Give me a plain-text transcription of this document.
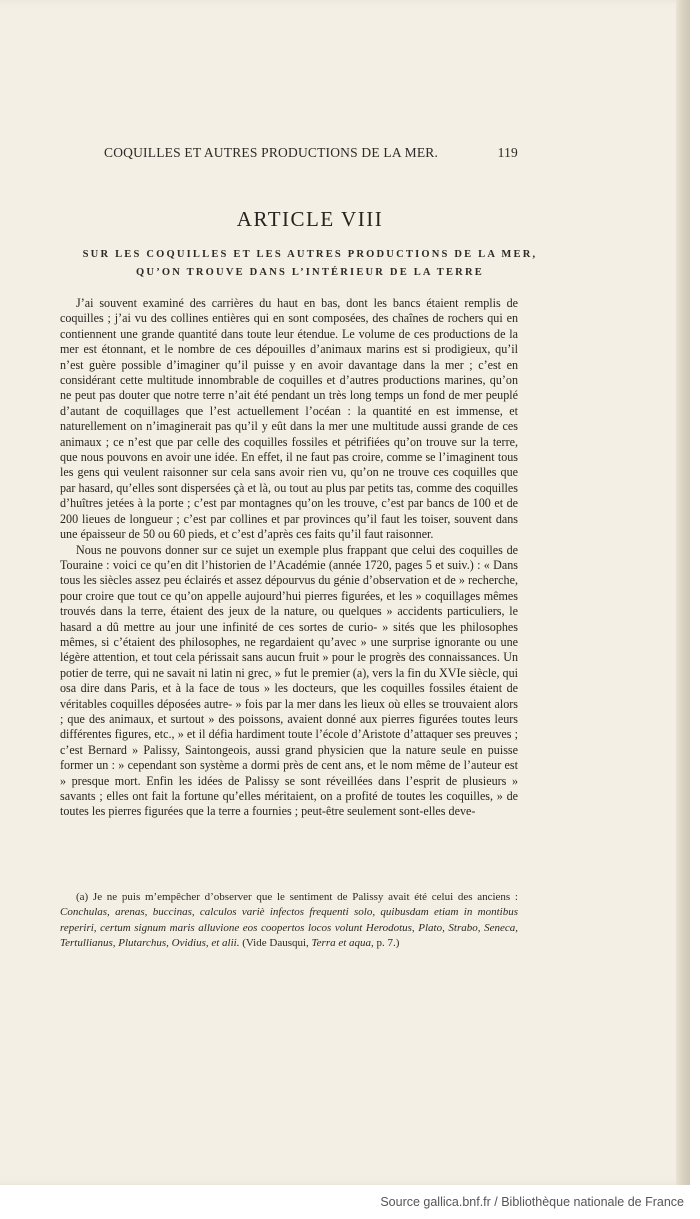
COQUILLES ET AUTRES PRODUCTIONS DE LA MER.	119
ARTICLE VIII
SUR LES COQUILLES ET LES AUTRES PRODUCTIONS DE LA MER,
QU’ON TROUVE DANS L’INTÉRIEUR DE LA TERRE

J’ai souvent examiné des carrières du haut en bas, dont les bancs étaient remplis de coquilles ; j’ai vu des collines entières qui en sont composées, des chaînes de rochers qui en contiennent une grande quantité dans toute leur étendue. Le volume de ces productions de la mer est étonnant, et le nombre de ces dépouilles d’animaux marins est si prodigieux, qu’il n’est guère possible d’imaginer qu’il puisse y en avoir davantage dans la mer ; c’est en considérant cette multitude innombrable de coquilles et d’autres productions marines, qu’on ne peut pas douter que notre terre n’ait été pendant un très long temps un fond de mer peuplé d’autant de coquillages que l’est actuellement l’océan : la quantité en est immense, et naturellement on n’imaginerait pas qu’il y eût dans la mer une multitude aussi grande de ces animaux ; ce n’est que par celle des coquilles fossiles et pétrifiées qu’on trouve sur la terre, que nous pouvons en avoir une idée. En effet, il ne faut pas croire, comme se l’imaginent tous les gens qui veulent raisonner sur cela sans avoir rien vu, qu’on ne trouve ces coquilles que par hasard, qu’elles sont dispersées çà et là, ou tout au plus par petits tas, comme des coquilles d’huîtres jetées à la porte ; c’est par montagnes qu’on les trouve, c’est par bancs de 100 et de 200 lieues de longueur ; c’est par collines et par provinces qu’il faut les toiser, souvent dans une épaisseur de 50 ou 60 pieds, et c’est d’après ces faits qu’il faut raisonner.

Nous ne pouvons donner sur ce sujet un exemple plus frappant que celui des coquilles de Touraine : voici ce qu’en dit l’historien de l’Académie (année 1720, pages 5 et suiv.) : « Dans tous les siècles assez peu éclairés et assez dépourvus du génie d’observation et de » recherche, pour croire que tout ce qu’on appelle aujourd’hui pierres figurées, et les » coquillages mêmes trouvés dans la terre, étaient des jeux de la nature, ou quelques » accidents particuliers, le hasard a dû mettre au jour une infinité de ces sortes de curio- » sités que les philosophes mêmes, si c’étaient des philosophes, ne regardaient qu’avec » une surprise ignorante ou une légère attention, et tout cela périssait sans aucun fruit » pour le progrès des connaissances. Un potier de terre, qui ne savait ni latin ni grec, » fut le premier (a), vers la fin du XVIe siècle, qui osa dire dans Paris, et à la face de tous » les docteurs, que les coquilles fossiles étaient de véritables coquilles déposées autre- » fois par la mer dans les lieux où elles se trouvaient alors ; que des animaux, et surtout » des poissons, avaient donné aux pierres figurées toutes leurs différentes figures, etc., » et il défia hardiment toute l’école d’Aristote d’attaquer ses preuves ; c’est Bernard » Palissy, Saintongeois, aussi grand physicien que la nature seule en puisse former un : » cependant son système a dormi près de cent ans, et le nom même de l’auteur est » presque mort. Enfin les idées de Palissy se sont réveillées dans l’esprit de plusieurs » savants ; elles ont fait la fortune qu’elles méritaient, on a profité de toutes les coquilles, » de toutes les pierres figurées que la terre a fournies ; peut-être seulement sont-elles deve-

(a) Je ne puis m’empêcher d’observer que le sentiment de Palissy avait été celui des anciens : Conchulas, arenas, buccinas, calculos variè infectos frequenti solo, quibusdam etiam in montibus reperiri, certum signum maris alluvione eos coopertos locos volunt Herodotus, Plato, Strabo, Seneca, Tertullianus, Plutarchus, Ovidius, et alii. (Vide Dausqui, Terra et aqua, p. 7.)
Source gallica.bnf.fr / Bibliothèque nationale de France
